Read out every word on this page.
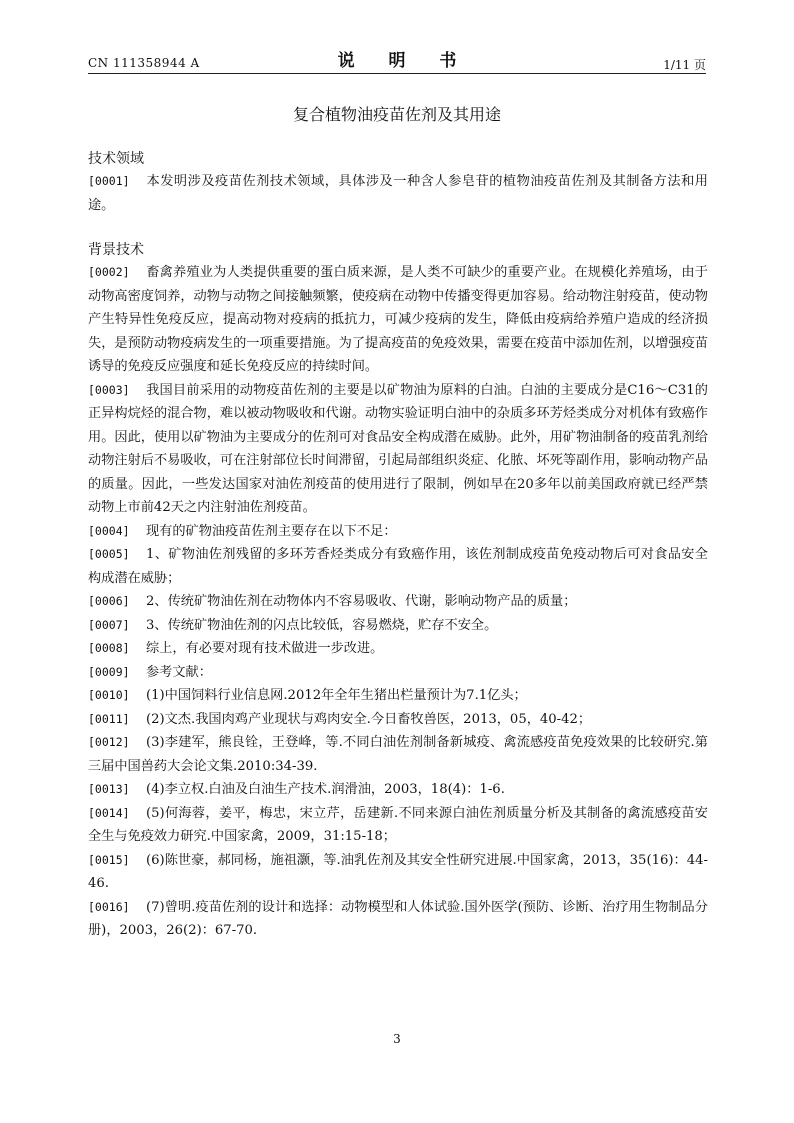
CN 111358944 A	说 明 书	1/11 页
复合植物油疫苗佐剂及其用途
技术领域

[0001] 本发明涉及疫苗佐剂技术领域，具体涉及一种含人参皂苷的植物油疫苗佐剂及其制备方法和用途。

背景技术

[0002] 畜禽养殖业为人类提供重要的蛋白质来源，是人类不可缺少的重要产业。在规模化养殖场，由于动物高密度饲养，动物与动物之间接触频繁，使疫病在动物中传播变得更加容易。给动物注射疫苗，使动物产生特异性免疫反应，提高动物对疫病的抵抗力，可减少疫病的发生，降低由疫病给养殖户造成的经济损失，是预防动物疫病发生的一项重要措施。为了提高疫苗的免疫效果，需要在疫苗中添加佐剂，以增强疫苗诱导的免疫反应强度和延长免疫反应的持续时间。

[0003] 我国目前采用的动物疫苗佐剂的主要是以矿物油为原料的白油。白油的主要成分是C16～C31的正异构烷烃的混合物，难以被动物吸收和代谢。动物实验证明白油中的杂质多环芳烃类成分对机体有致癌作用。因此，使用以矿物油为主要成分的佐剂可对食品安全构成潜在威胁。此外，用矿物油制备的疫苗乳剂给动物注射后不易吸收，可在注射部位长时间滞留，引起局部组织炎症、化脓、坏死等副作用，影响动物产品的质量。因此，一些发达国家对油佐剂疫苗的使用进行了限制，例如早在20多年以前美国政府就已经严禁动物上市前42天之内注射油佐剂疫苗。

[0004] 现有的矿物油疫苗佐剂主要存在以下不足：

[0005] 1、矿物油佐剂残留的多环芳香烃类成分有致癌作用，该佐剂制成疫苗免疫动物后可对食品安全构成潜在威胁；

[0006] 2、传统矿物油佐剂在动物体内不容易吸收、代谢，影响动物产品的质量；

[0007] 3、传统矿物油佐剂的闪点比较低，容易燃烧，贮存不安全。

[0008] 综上，有必要对现有技术做进一步改进。

[0009] 参考文献：

[0010] (1)中国饲料行业信息网.2012年全年生猪出栏量预计为7.1亿头；

[0011] (2)文杰.我国肉鸡产业现状与鸡肉安全.今日畜牧兽医，2013，05，40-42；

[0012] (3)李建军，熊良铨，王登峰，等.不同白油佐剂制备新城疫、禽流感疫苗免疫效果的比较研究.第三届中国兽药大会论文集.2010:34-39.

[0013] (4)李立权.白油及白油生产技术.润滑油，2003，18(4)：1-6.

[0014] (5)何海蓉，姜平，梅忠，宋立芹，岳建新.不同来源白油佐剂质量分析及其制备的禽流感疫苗安全生与免疫效力研究.中国家禽，2009，31:15-18；

[0015] (6)陈世豪，郝同杨，施祖灏，等.油乳佐剂及其安全性研究进展.中国家禽，2013，35(16)：44-46.

[0016] (7)曾明.疫苗佐剂的设计和选择：动物模型和人体试验.国外医学(预防、诊断、治疗用生物制品分册)，2003，26(2)：67-70.

3
